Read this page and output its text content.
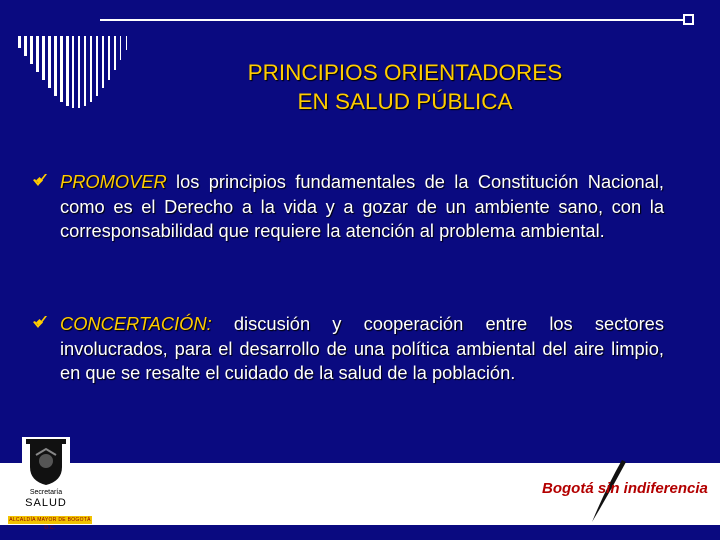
PRINCIPIOS ORIENTADORES
EN SALUD PÚBLICA
PROMOVER los principios fundamentales de la Constitución Nacional, como es el Derecho a la vida y a gozar de un ambiente sano, con la corresponsabilidad que requiere la atención al problema ambiental.
CONCERTACIÓN: discusión y cooperación entre los sectores involucrados, para el desarrollo de una política ambiental del aire limpio, en que se resalte el cuidado de la salud de la población.
Secretaría
SALUD
ALCALDÍA MAYOR DE BOGOTÁ D.C.
Bogotá sin indiferencia
